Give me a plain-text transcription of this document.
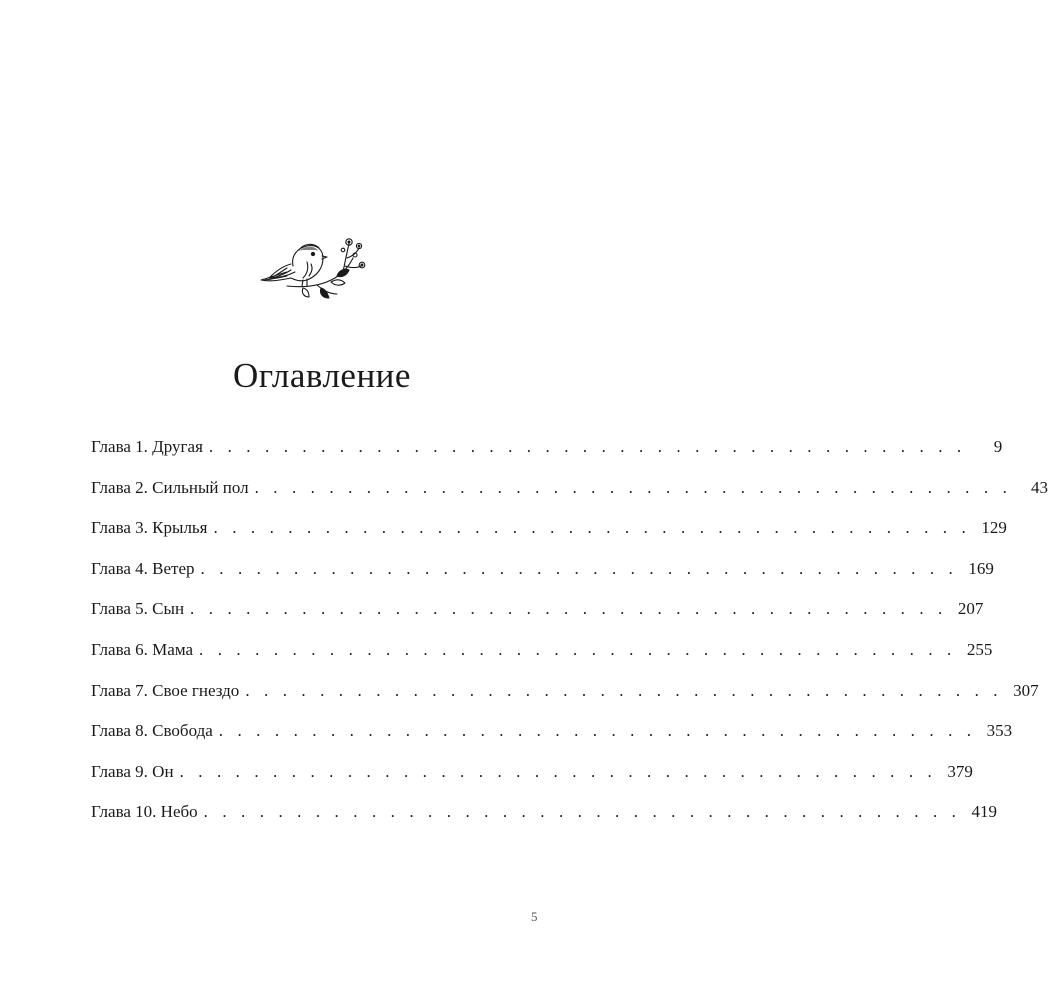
Оглавление
Глава 1. Другая . . . . . . . . . . . . . . . . . . . . . . . . . . . . . . . . . . . . . . . . .	9
Глава 2. Сильный пол . . . . . . . . . . . . . . . . . . . . . . . . . . . . . . . . . . . . . . . . .	43
Глава 3. Крылья . . . . . . . . . . . . . . . . . . . . . . . . . . . . . . . . . . . . . . . . . 129
Глава 4. Ветер . . . . . . . . . . . . . . . . . . . . . . . . . . . . . . . . . . . . . . . . . 169
Глава 5. Сын . . . . . . . . . . . . . . . . . . . . . . . . . . . . . . . . . . . . . . . . . 207
Глава 6. Мама . . . . . . . . . . . . . . . . . . . . . . . . . . . . . . . . . . . . . . . . . 255
Глава 7. Свое гнездо . . . . . . . . . . . . . . . . . . . . . . . . . . . . . . . . . . . . . . . . . 307
Глава 8. Свобода . . . . . . . . . . . . . . . . . . . . . . . . . . . . . . . . . . . . . . . . . 353
Глава 9. Он . . . . . . . . . . . . . . . . . . . . . . . . . . . . . . . . . . . . . . . . . 379
Глава 10. Небо . . . . . . . . . . . . . . . . . . . . . . . . . . . . . . . . . . . . . . . . . 419
5
